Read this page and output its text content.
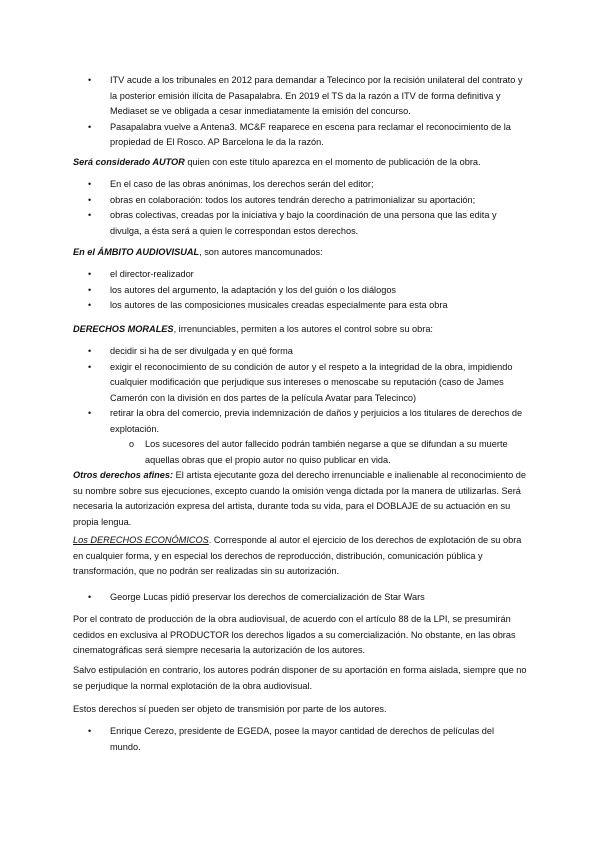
• ITV acude a los tribunales en 2012 para demandar a Telecinco por la recisión unilateral del contrato y la posterior emisión ilícita de Pasapalabra. En 2019 el TS da la razón a ITV de forma definitiva y Mediaset se ve obligada a cesar inmediatamente la emisión del concurso.
• Pasapalabra vuelve a Antena3. MC&F reaparece en escena para reclamar el reconocimiento de la propiedad de El Rosco. AP Barcelona le da la razón.
Será considerado AUTOR quien con este título aparezca en el momento de publicación de la obra.
• En el caso de las obras anónimas, los derechos serán del editor;
• obras en colaboración: todos los autores tendrán derecho a patrimonializar su aportación;
• obras colectivas, creadas por la iniciativa y bajo la coordinación de una persona que las edita y divulga, a ésta será a quien le correspondan estos derechos.
En el ÁMBITO AUDIOVISUAL, son autores mancomunados:
• el director-realizador
• los autores del argumento, la adaptación y los del guión o los diálogos
• los autores de las composiciones musicales creadas especialmente para esta obra
DERECHOS MORALES, irrenunciables, permiten a los autores el control sobre su obra:
• decidir si ha de ser divulgada y en qué forma
• exigir el reconocimiento de su condición de autor y el respeto a la integridad de la obra, impidiendo cualquier modificación que perjudique sus intereses o menoscabe su reputación (caso de James Camerón con la división en dos partes de la película Avatar para Telecinco)
• retirar la obra del comercio, previa indemnización de daños y perjuicios a los titulares de derechos de explotación.
o Los sucesores del autor fallecido podrán también negarse a que se difundan a su muerte aquellas obras que el propio autor no quiso publicar en vida.
Otros derechos afines: El artista ejecutante goza del derecho irrenunciable e inalienable al reconocimiento de su nombre sobre sus ejecuciones, excepto cuando la omisión venga dictada por la manera de utilizarlas. Será necesaria la autorización expresa del artista, durante toda su vida, para el DOBLAJE de su actuación en su propia lengua.
Los DERECHOS ECONÓMICOS. Corresponde al autor el ejercicio de los derechos de explotación de su obra en cualquier forma, y en especial los derechos de reproducción, distribución, comunicación pública y transformación, que no podrán ser realizadas sin su autorización.
• George Lucas pidió preservar los derechos de comercialización de Star Wars

Por el contrato de producción de la obra audiovisual, de acuerdo con el artículo 88 de la LPI, se presumirán cedidos en exclusiva al PRODUCTOR los derechos ligados a su comercialización. No obstante, en las obras cinematográficas será siempre necesaria la autorización de los autores.

Salvo estipulación en contrario, los autores podrán disponer de su aportación en forma aislada, siempre que no se perjudique la normal explotación de la obra audiovisual.

Estos derechos sí pueden ser objeto de transmisión por parte de los autores.

• Enrique Cerezo, presidente de EGEDA, posee la mayor cantidad de derechos de películas del mundo.
